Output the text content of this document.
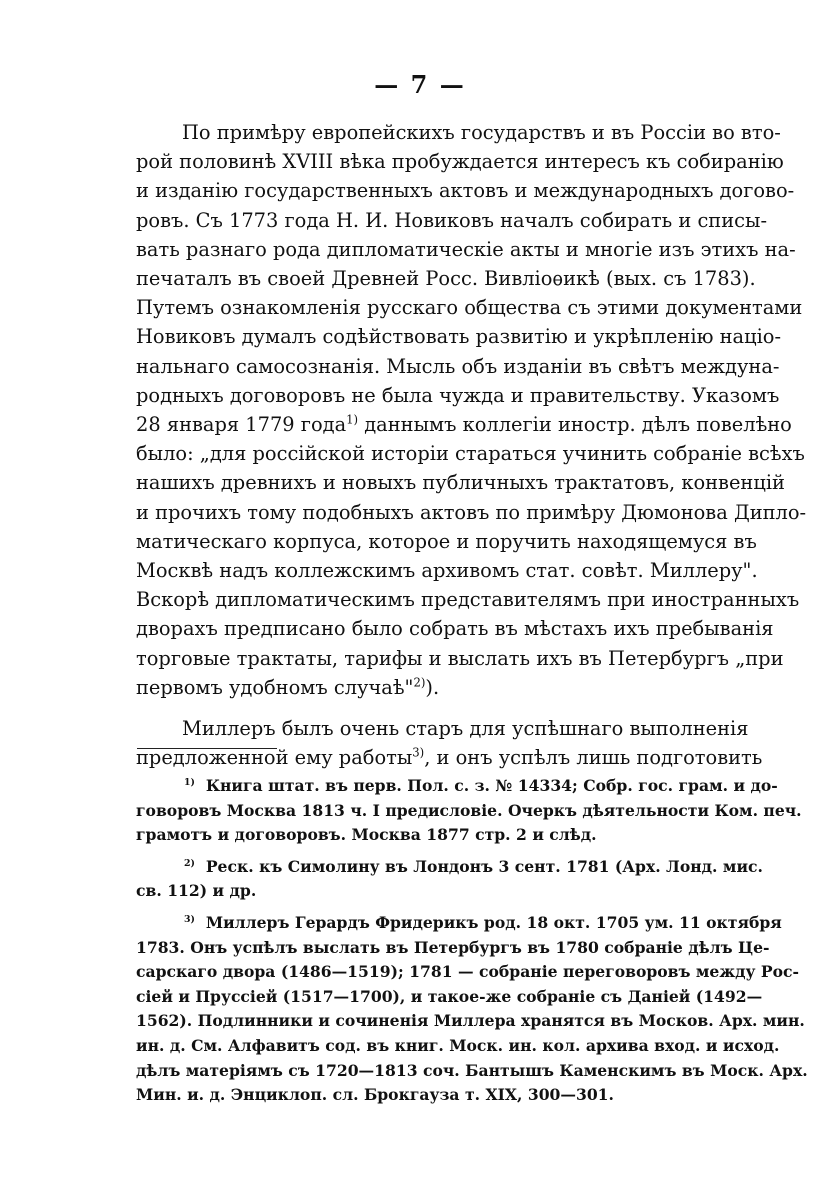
— 7 —
По примѣру европейскихъ государствъ и въ Россіи во вто-
рой половинѣ XVIII вѣка пробуждается интересъ къ собиранію
и изданію государственныхъ актовъ и международныхъ догово-
ровъ. Съ 1773 года Н. И. Новиковъ началъ собирать и списы-
вать разнаго рода дипломатическіе акты и многіе изъ этихъ на-
печаталъ въ своей Древней Росс. Вивліоѳикѣ (вых. съ 1783).
Путемъ ознакомленія русскаго общества съ этими документами
Новиковъ думалъ содѣйствовать развитію и укрѣпленію націо-
нальнаго самосознанія. Мысль объ изданіи въ свѣтъ междуна-
родныхъ договоровъ не была чужда и правительству. Указомъ
28 января 1779 года$^{1)}$ даннымъ коллегіи иностр. дѣлъ повелѣно
было: „для россійской исторіи стараться учинить собраніе всѣхъ
нашихъ древнихъ и новыхъ публичныхъ трактатовъ, конвенцій
и прочихъ тому подобныхъ актовъ по примѣру Дюмонова Дипло-
матическаго корпуса, которое и поручить находящемуся въ
Москвѣ надъ коллежскимъ архивомъ стат. совѣт. Миллеру".
Вскорѣ дипломатическимъ представителямъ при иностранныхъ
дворахъ предписано было собрать въ мѣстахъ ихъ пребыванія
торговые трактаты, тарифы и выслать ихъ въ Петербургъ „при
первомъ удобномъ случаѣ"$^{2)}$).
Миллеръ былъ очень старъ для успѣшнаго выполненія
предложенной ему работы$^{3)}$, и онъ успѣлъ лишь подготовить
$^{1)}$ Книга штат. въ перв. Пол. с. з. № 14334; Собр. гос. грам. и до-
говоровъ Москва 1813 ч. I предисловіе. Очеркъ дѣятельности Ком. печ.
грамотъ и договоровъ. Москва 1877 стр. 2 и слѣд.
$^{2)}$ Реск. къ Симолину въ Лондонъ 3 сент. 1781 (Арх. Лонд. мис.
св. 112) и др.
$^{3)}$ Миллеръ Герардъ Фридерикъ род. 18 окт. 1705 ум. 11 октября
1783. Онъ успѣлъ выслать въ Петербургъ въ 1780 собраніе дѣлъ Це-
сарскаго двора (1486—1519); 1781 — собраніе переговоровъ между Рос-
сіей и Пруссіей (1517—1700), и такое-же собраніе съ Даніей (1492—
1562). Подлинники и сочиненія Миллера хранятся въ Москов. Арх. мин.
ин. д. См. Алфавитъ сод. въ книг. Моск. ин. кол. архива вход. и исход.
дѣлъ матеріямъ съ 1720—1813 соч. Бантышъ Каменскимъ въ Моск. Арх.
Мин. и. д. Энциклоп. сл. Брокгауза т. XIX, 300—301.
